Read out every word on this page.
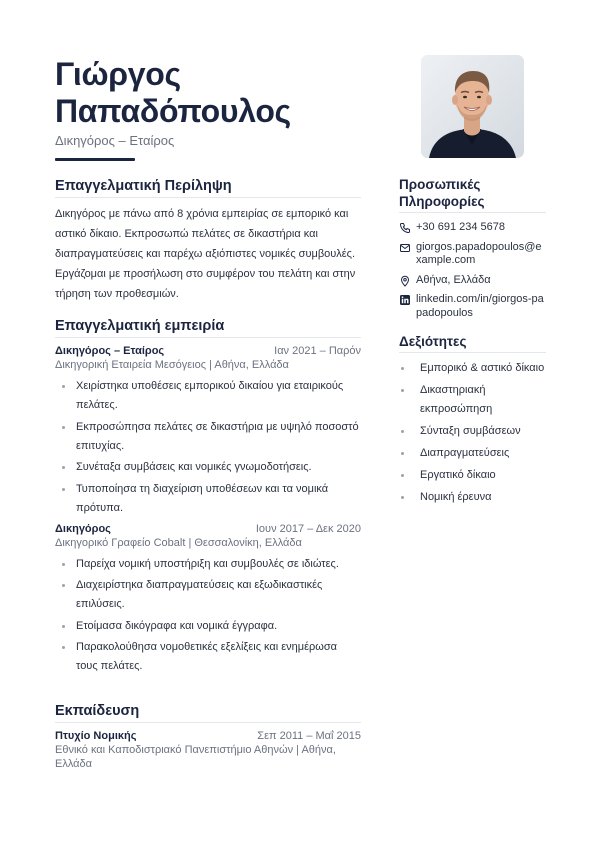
Γιώργος
Παπαδόπουλος
Δικηγόρος – Εταίρος
Επαγγελματική Περίληψη

Δικηγόρος με πάνω από 8 χρόνια εμπειρίας σε εμπορικό και αστικό δίκαιο. Εκπροσωπώ πελάτες σε δικαστήρια και διαπραγματεύσεις και παρέχω αξιόπιστες νομικές συμβουλές. Εργάζομαι με προσήλωση στο συμφέρον του πελάτη και στην τήρηση των προθεσμιών.

Επαγγελματική εμπειρία
Δικηγόρος – Εταίρος	Ιαν 2021 – Παρόν
Δικηγορική Εταιρεία Μεσόγειος | Αθήνα, Ελλάδα
Χειρίστηκα υποθέσεις εμπορικού δικαίου για εταιρικούς πελάτες.
Εκπροσώπησα πελάτες σε δικαστήρια με υψηλό ποσοστό επιτυχίας.
Συνέταξα συμβάσεις και νομικές γνωμοδοτήσεις.
Τυποποίησα τη διαχείριση υποθέσεων και τα νομικά πρότυπα.
Δικηγόρος	Ιουν 2017 – Δεκ 2020
Δικηγορικό Γραφείο Cobalt | Θεσσαλονίκη, Ελλάδα
Παρείχα νομική υποστήριξη και συμβουλές σε ιδιώτες.
Διαχειρίστηκα διαπραγματεύσεις και εξωδικαστικές επιλύσεις.
Ετοίμασα δικόγραφα και νομικά έγγραφα.
Παρακολούθησα νομοθετικές εξελίξεις και ενημέρωσα τους πελάτες.
Εκπαίδευση
Πτυχίο Νομικής	Σεπ 2011 – Μαΐ 2015
Εθνικό και Καποδιστριακό Πανεπιστήμιο Αθηνών | Αθήνα, Ελλάδα
Προσωπικές Πληροφορίες
+30 691 234 5678
giorgos.papadopoulos@example.com
Αθήνα, Ελλάδα
linkedin.com/in/giorgos-papadopoulos
Δεξιότητες
Εμπορικό & αστικό δίκαιο
Δικαστηριακή εκπροσώπηση
Σύνταξη συμβάσεων
Διαπραγματεύσεις
Εργατικό δίκαιο
Νομική έρευνα
